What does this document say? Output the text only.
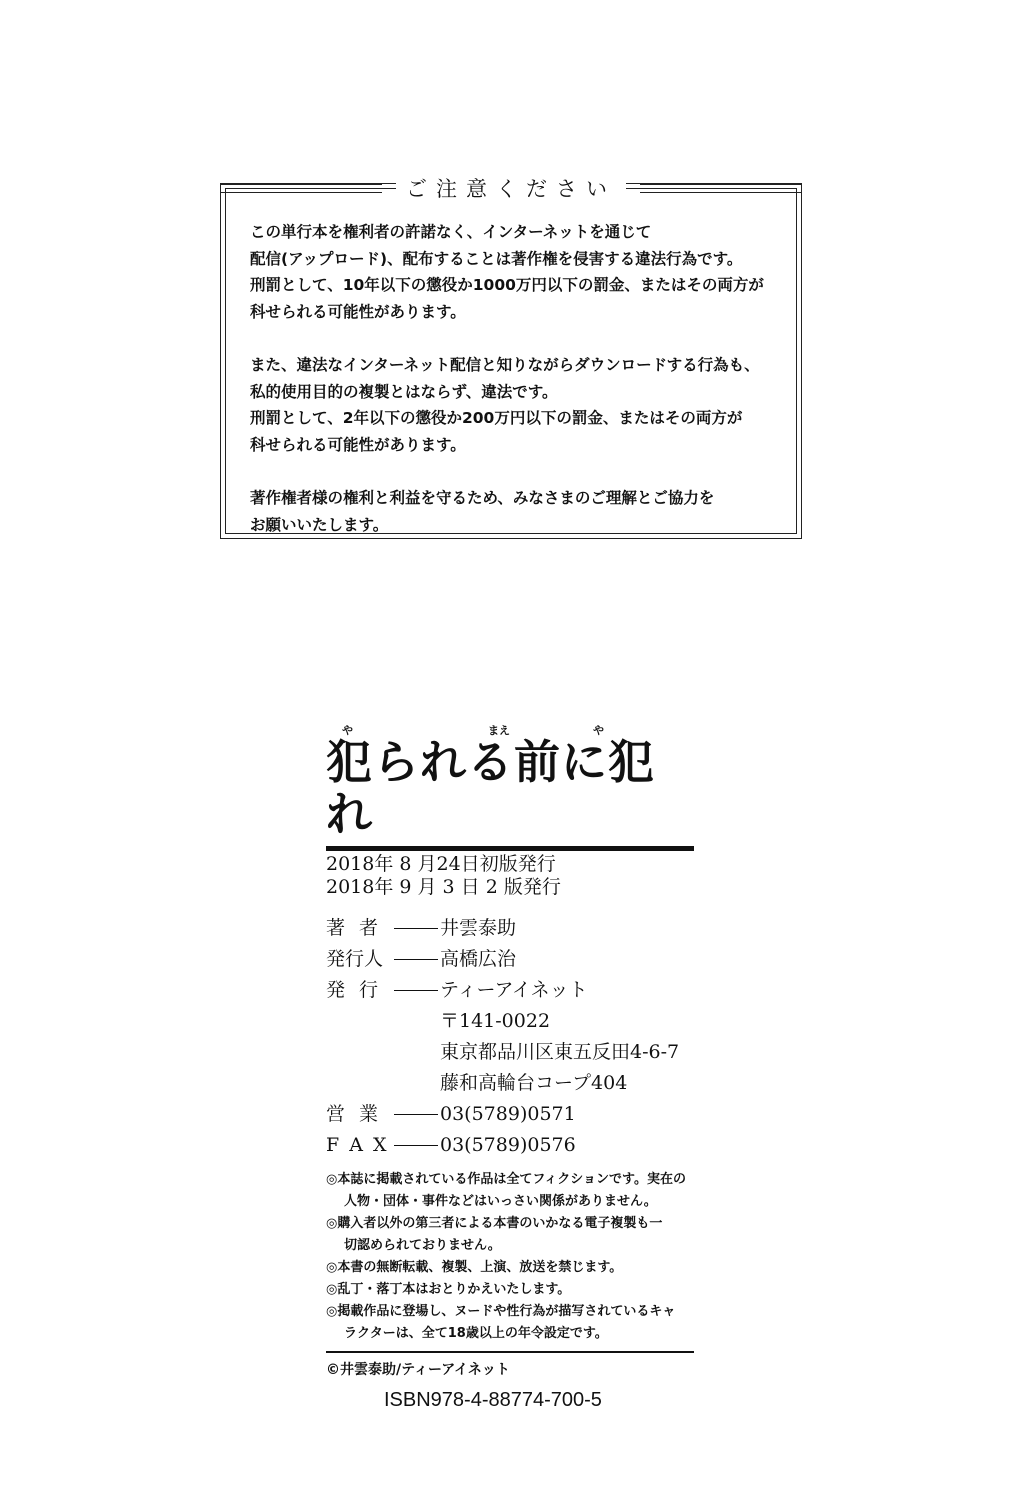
ご注意ください

この単行本を権利者の許諾なく、インターネットを通じて
配信(アップロード)、配布することは著作権を侵害する違法行為です。
刑罰として、10年以下の懲役か1000万円以下の罰金、またはその両方が
科せられる可能性があります。

また、違法なインターネット配信と知りながらダウンロードする行為も、
私的使用目的の複製とはならず、違法です。
刑罰として、2年以下の懲役か200万円以下の罰金、またはその両方が
科せられる可能性があります。

著作権者様の権利と利益を守るため、みなさまのご理解とご協力を
お願いいたします。

や	まえ	や
犯られる前に犯れ
2018年 8 月24日初版発行
2018年 9 月 3 日 2 版発行
著 者	井雲泰助
発行人	高橋広治
発 行	ティーアイネット
〒141-0022
東京都品川区東五反田4-6-7
藤和高輪台コープ404
営 業	03(5789)0571
F A X	03(5789)0576
◎本誌に掲載されている作品は全てフィクションです。実在の
人物・団体・事件などはいっさい関係がありません。
◎購入者以外の第三者による本書のいかなる電子複製も一
切認められておりません。
◎本書の無断転載、複製、上演、放送を禁じます。
◎乱丁・落丁本はおとりかえいたします。
◎掲載作品に登場し、ヌードや性行為が描写されているキャ
ラクターは、全て18歳以上の年令設定です。
©井雲泰助/ティーアイネット
ISBN978-4-88774-700-5
